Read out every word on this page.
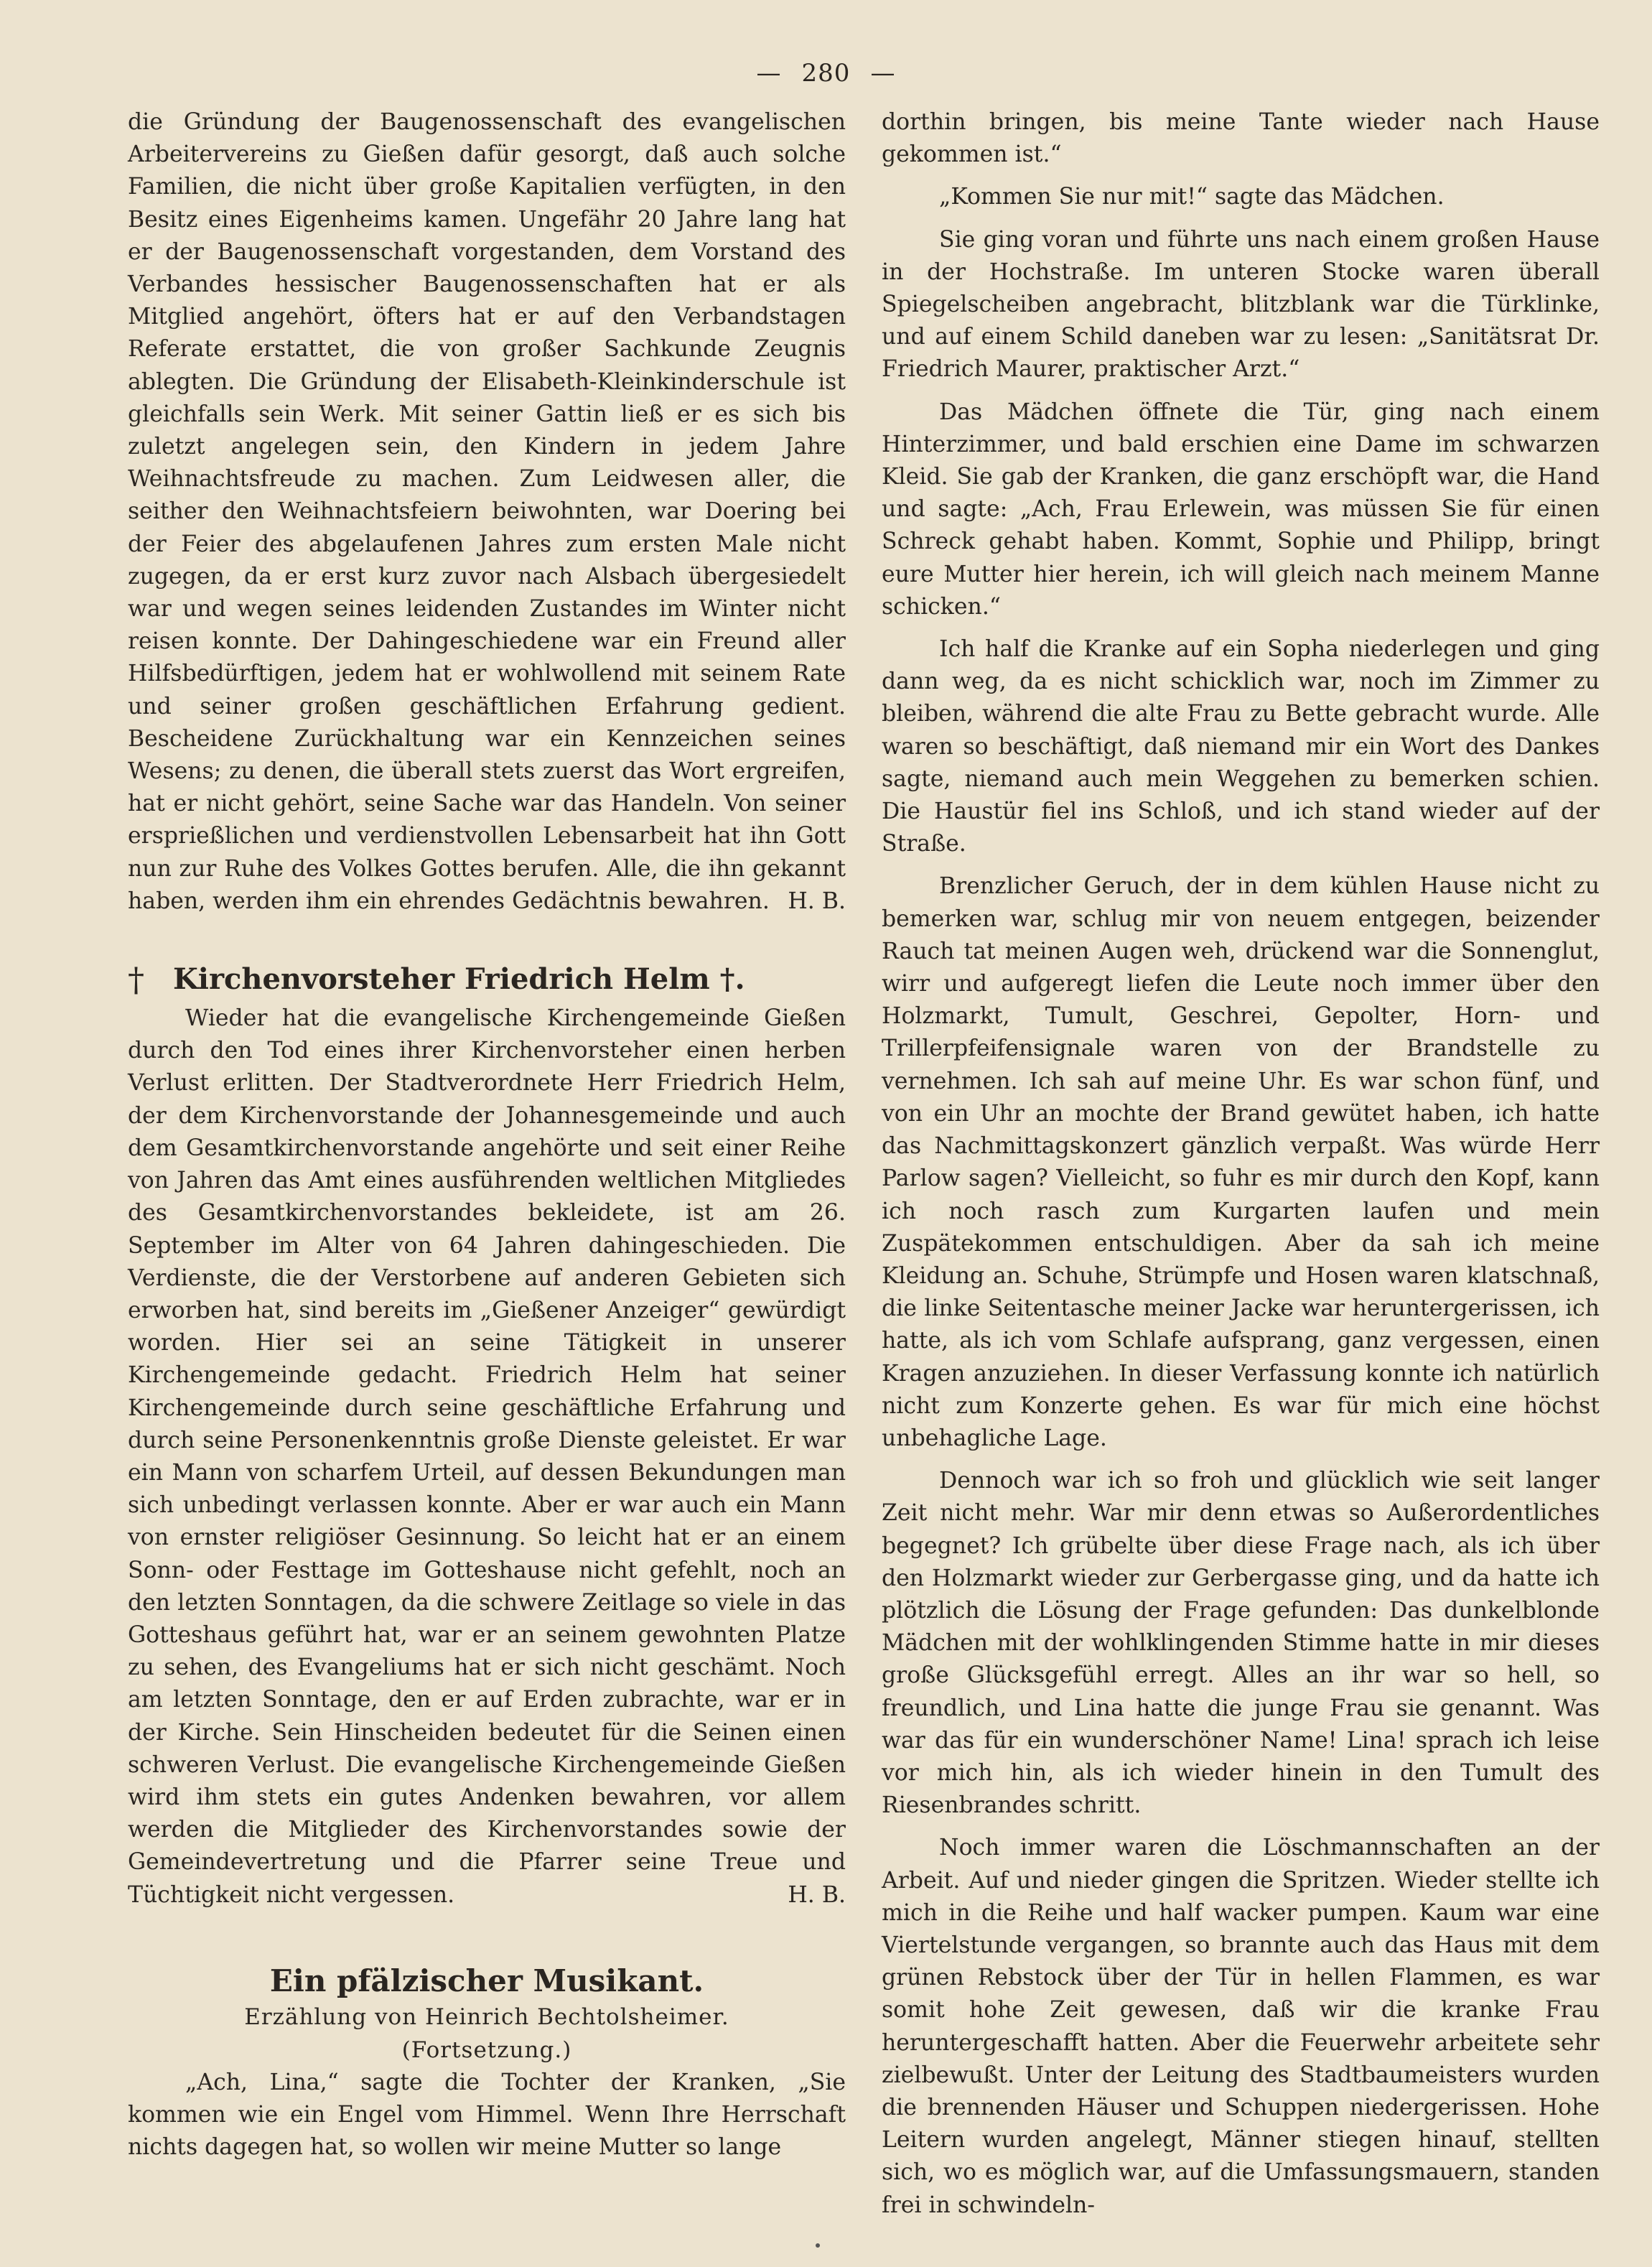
— 280 —

die Gründung der Baugenossenschaft des evangelischen Arbeitervereins zu Gießen dafür gesorgt, daß auch solche Familien, die nicht über große Kapitalien verfügten, in den Besitz eines Eigenheims kamen. Ungefähr 20 Jahre lang hat er der Baugenossenschaft vorgestanden, dem Vorstand des Verbandes hessischer Baugenossenschaften hat er als Mitglied angehört, öfters hat er auf den Verbandstagen Referate erstattet, die von großer Sachkunde Zeugnis ablegten. Die Gründung der Elisabeth-Kleinkinderschule ist gleichfalls sein Werk. Mit seiner Gattin ließ er es sich bis zuletzt angelegen sein, den Kindern in jedem Jahre Weihnachtsfreude zu machen. Zum Leidwesen aller, die seither den Weihnachtsfeiern beiwohnten, war Doering bei der Feier des abgelaufenen Jahres zum ersten Male nicht zugegen, da er erst kurz zuvor nach Alsbach übergesiedelt war und wegen seines leidenden Zustandes im Winter nicht reisen konnte. Der Dahingeschiedene war ein Freund aller Hilfsbedürftigen, jedem hat er wohlwollend mit seinem Rate und seiner großen geschäftlichen Erfahrung gedient. Bescheidene Zurückhaltung war ein Kennzeichen seines Wesens; zu denen, die überall stets zuerst das Wort ergreifen, hat er nicht gehört, seine Sache war das Handeln. Von seiner ersprießlichen und verdienstvollen Lebensarbeit hat ihn Gott nun zur Ruhe des Volkes Gottes berufen. Alle, die ihn gekannt haben, werden ihm ein ehrendes Gedächtnis bewahren. H. B.

† Kirchenvorsteher Friedrich Helm †.

Wieder hat die evangelische Kirchengemeinde Gießen durch den Tod eines ihrer Kirchenvorsteher einen herben Verlust erlitten. Der Stadtverordnete Herr Friedrich Helm, der dem Kirchenvorstande der Johannesgemeinde und auch dem Gesamtkirchenvorstande angehörte und seit einer Reihe von Jahren das Amt eines ausführenden weltlichen Mitgliedes des Gesamtkirchenvorstandes bekleidete, ist am 26. September im Alter von 64 Jahren dahingeschieden. Die Verdienste, die der Verstorbene auf anderen Gebieten sich erworben hat, sind bereits im „Gießener Anzeiger“ gewürdigt worden. Hier sei an seine Tätigkeit in unserer Kirchengemeinde gedacht. Friedrich Helm hat seiner Kirchengemeinde durch seine geschäftliche Erfahrung und durch seine Personenkenntnis große Dienste geleistet. Er war ein Mann von scharfem Urteil, auf dessen Bekundungen man sich unbedingt verlassen konnte. Aber er war auch ein Mann von ernster religiöser Gesinnung. So leicht hat er an einem Sonn- oder Festtage im Gotteshause nicht gefehlt, noch an den letzten Sonntagen, da die schwere Zeitlage so viele in das Gotteshaus geführt hat, war er an seinem gewohnten Platze zu sehen, des Evangeliums hat er sich nicht geschämt. Noch am letzten Sonntage, den er auf Erden zubrachte, war er in der Kirche. Sein Hinscheiden bedeutet für die Seinen einen schweren Verlust. Die evangelische Kirchengemeinde Gießen wird ihm stets ein gutes Andenken bewahren, vor allem werden die Mitglieder des Kirchenvorstandes sowie der Gemeindevertretung und die Pfarrer seine Treue und Tüchtigkeit nicht vergessen.	H. B.

Ein pfälzischer Musikant.
Erzählung von Heinrich Bechtolsheimer.
(Fortsetzung.)

„Ach, Lina,“ sagte die Tochter der Kranken, „Sie kommen wie ein Engel vom Himmel. Wenn Ihre Herrschaft nichts dagegen hat, so wollen wir meine Mutter so lange

dorthin bringen, bis meine Tante wieder nach Hause gekommen ist.“

„Kommen Sie nur mit!“ sagte das Mädchen.

Sie ging voran und führte uns nach einem großen Hause in der Hochstraße. Im unteren Stocke waren überall Spiegelscheiben angebracht, blitzblank war die Türklinke, und auf einem Schild daneben war zu lesen: „Sanitätsrat Dr. Friedrich Maurer, praktischer Arzt.“

Das Mädchen öffnete die Tür, ging nach einem Hinterzimmer, und bald erschien eine Dame im schwarzen Kleid. Sie gab der Kranken, die ganz erschöpft war, die Hand und sagte: „Ach, Frau Erlewein, was müssen Sie für einen Schreck gehabt haben. Kommt, Sophie und Philipp, bringt eure Mutter hier herein, ich will gleich nach meinem Manne schicken.“

Ich half die Kranke auf ein Sopha niederlegen und ging dann weg, da es nicht schicklich war, noch im Zimmer zu bleiben, während die alte Frau zu Bette gebracht wurde. Alle waren so beschäftigt, daß niemand mir ein Wort des Dankes sagte, niemand auch mein Weggehen zu bemerken schien. Die Haustür fiel ins Schloß, und ich stand wieder auf der Straße.

Brenzlicher Geruch, der in dem kühlen Hause nicht zu bemerken war, schlug mir von neuem entgegen, beizender Rauch tat meinen Augen weh, drückend war die Sonnenglut, wirr und aufgeregt liefen die Leute noch immer über den Holzmarkt, Tumult, Geschrei, Gepolter, Horn- und Trillerpfeifensignale waren von der Brandstelle zu vernehmen. Ich sah auf meine Uhr. Es war schon fünf, und von ein Uhr an mochte der Brand gewütet haben, ich hatte das Nachmittagskonzert gänzlich verpaßt. Was würde Herr Parlow sagen? Vielleicht, so fuhr es mir durch den Kopf, kann ich noch rasch zum Kurgarten laufen und mein Zuspätekommen entschuldigen. Aber da sah ich meine Kleidung an. Schuhe, Strümpfe und Hosen waren klatschnaß, die linke Seitentasche meiner Jacke war heruntergerissen, ich hatte, als ich vom Schlafe aufsprang, ganz vergessen, einen Kragen anzuziehen. In dieser Verfassung konnte ich natürlich nicht zum Konzerte gehen. Es war für mich eine höchst unbehagliche Lage.

Dennoch war ich so froh und glücklich wie seit langer Zeit nicht mehr. War mir denn etwas so Außerordentliches begegnet? Ich grübelte über diese Frage nach, als ich über den Holzmarkt wieder zur Gerbergasse ging, und da hatte ich plötzlich die Lösung der Frage gefunden: Das dunkelblonde Mädchen mit der wohlklingenden Stimme hatte in mir dieses große Glücksgefühl erregt. Alles an ihr war so hell, so freundlich, und Lina hatte die junge Frau sie genannt. Was war das für ein wunderschöner Name! Lina! sprach ich leise vor mich hin, als ich wieder hinein in den Tumult des Riesenbrandes schritt.

Noch immer waren die Löschmannschaften an der Arbeit. Auf und nieder gingen die Spritzen. Wieder stellte ich mich in die Reihe und half wacker pumpen. Kaum war eine Viertelstunde vergangen, so brannte auch das Haus mit dem grünen Rebstock über der Tür in hellen Flammen, es war somit hohe Zeit gewesen, daß wir die kranke Frau heruntergeschafft hatten. Aber die Feuerwehr arbeitete sehr zielbewußt. Unter der Leitung des Stadtbaumeisters wurden die brennenden Häuser und Schuppen niedergerissen. Hohe Leitern wurden angelegt, Männer stiegen hinauf, stellten sich, wo es möglich war, auf die Umfassungsmauern, standen frei in schwindeln-
